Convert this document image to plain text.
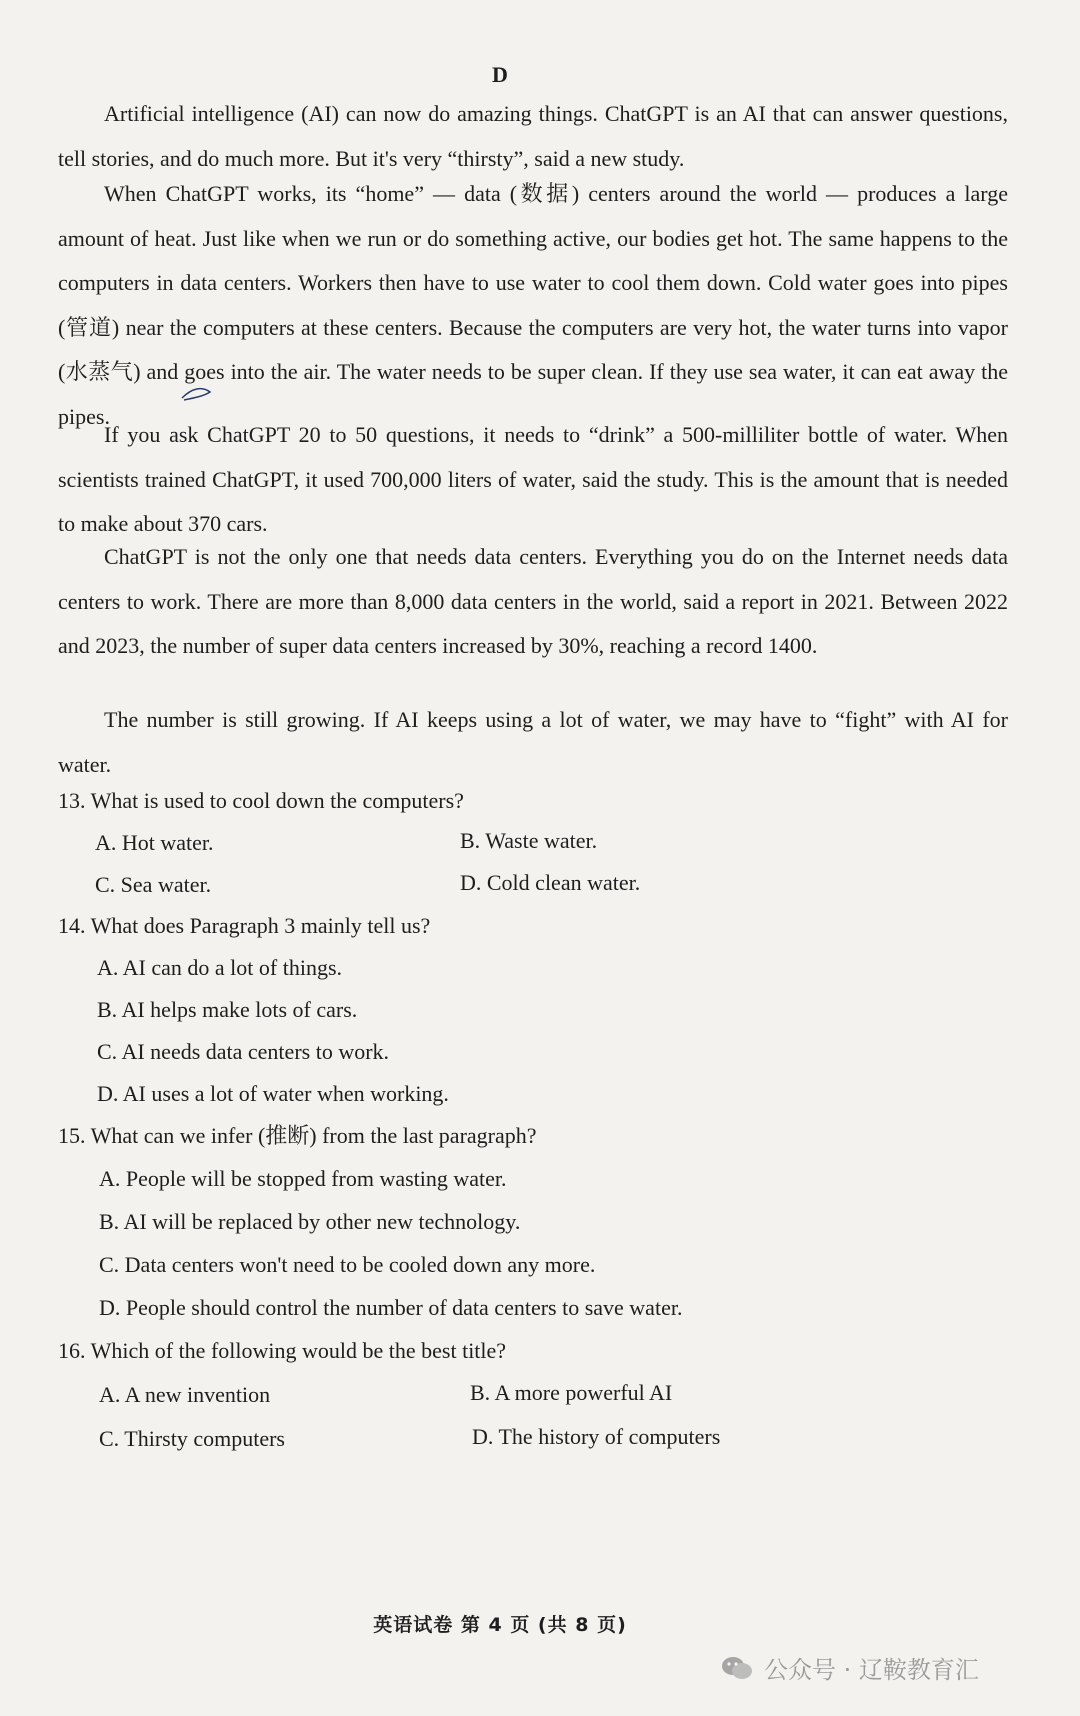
D

Artificial intelligence (AI) can now do amazing things. ChatGPT is an AI that can answer questions, tell stories, and do much more. But it's very “thirsty”, said a new study.

When ChatGPT works, its “home” — data (数据) centers around the world — produces a large amount of heat. Just like when we run or do something active, our bodies get hot. The same happens to the computers in data centers. Workers then have to use water to cool them down. Cold water goes into pipes (管道) near the computers at these centers. Because the computers are very hot, the water turns into vapor (水蒸气) and goes into the air. The water needs to be super clean. If they use sea water, it can eat away the pipes.

If you ask ChatGPT 20 to 50 questions, it needs to “drink” a 500-milliliter bottle of water. When scientists trained ChatGPT, it used 700,000 liters of water, said the study. This is the amount that is needed to make about 370 cars.

ChatGPT is not the only one that needs data centers. Everything you do on the Internet needs data centers to work. There are more than 8,000 data centers in the world, said a report in 2021. Between 2022 and 2023, the number of super data centers increased by 30%, reaching a record 1400.

The number is still growing. If AI keeps using a lot of water, we may have to “fight” with AI for water.

13. What is used to cool down the computers?
A. Hot water.	B. Waste water.
C. Sea water.	D. Cold clean water.
14. What does Paragraph 3 mainly tell us?
A. AI can do a lot of things.
B. AI helps make lots of cars.
C. AI needs data centers to work.
D. AI uses a lot of water when working.
15. What can we infer (推断) from the last paragraph?
A. People will be stopped from wasting water.
B. AI will be replaced by other new technology.
C. Data centers won't need to be cooled down any more.
D. People should control the number of data centers to save water.
16. Which of the following would be the best title?
A. A new invention	B. A more powerful AI
C. Thirsty computers	D. The history of computers
英语试卷 第 4 页 (共 8 页)
公众号 · 辽鞍教育汇
